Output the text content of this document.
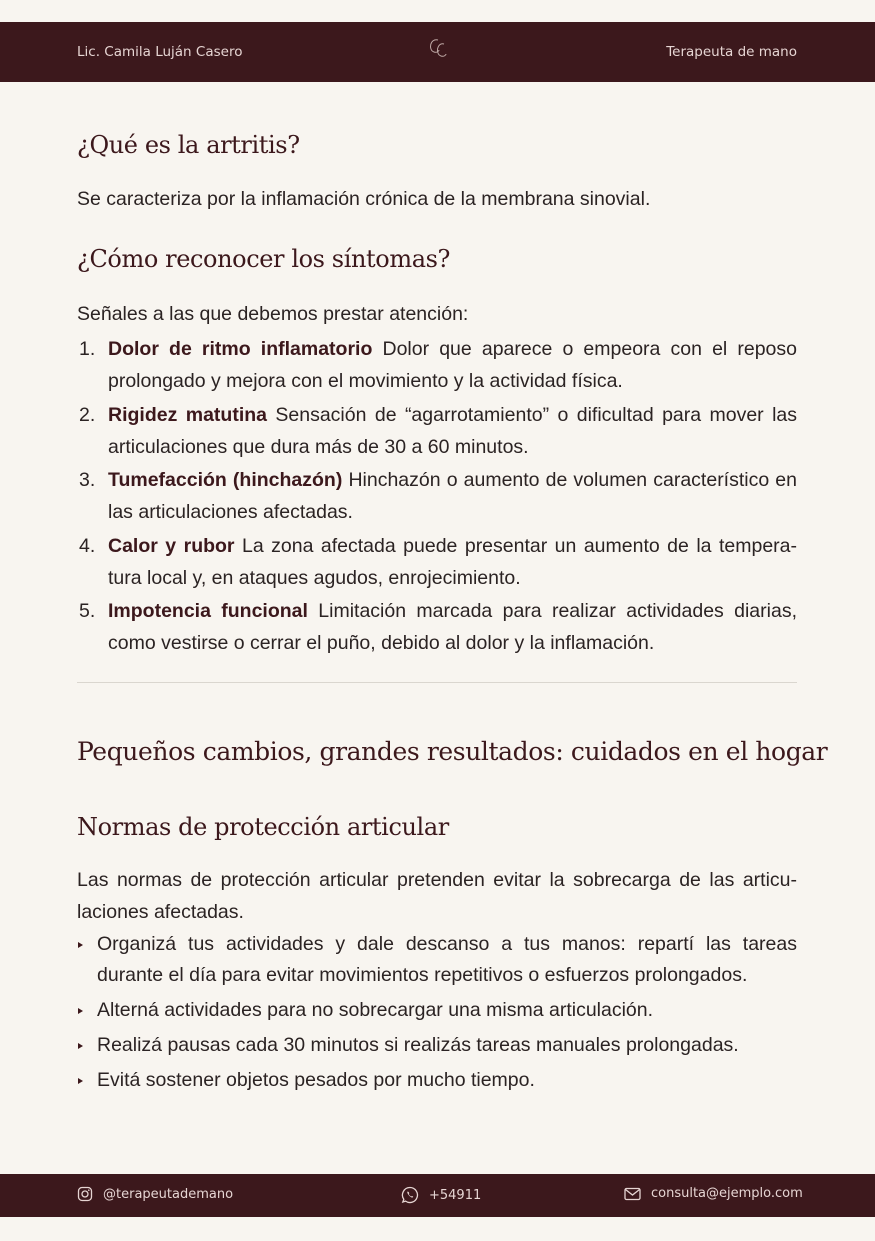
Lic. Camila Luján Casero	Terapeuta de mano
¿Qué es la artritis?

Se caracteriza por la inflamación crónica de la membrana sinovial.

¿Cómo reconocer los síntomas?

Señales a las que debemos prestar atención:

1. Dolor de ritmo inflamatorio Dolor que aparece o empeora con el reposo prolongado y mejora con el movimiento y la actividad física.
2. Rigidez matutina Sensación de “agarrotamiento” o dificultad para mover las articulaciones que dura más de 30 a 60 minutos.
3. Tumefacción (hinchazón) Hinchazón o aumento de volumen característico en las articulaciones afectadas.
4. Calor y rubor La zona afectada puede presentar un aumento de la tempera-tura local y, en ataques agudos, enrojecimiento.
5. Impotencia funcional Limitación marcada para realizar actividades diarias, como vestirse o cerrar el puño, debido al dolor y la inflamación.
Pequeños cambios, grandes resultados: cuidados en el hogar
Normas de protección articular

Las normas de protección articular pretenden evitar la sobrecarga de las articu-laciones afectadas.

Organizá tus actividades y dale descanso a tus manos: repartí las tareas durante el día para evitar movimientos repetitivos o esfuerzos prolongados.
Alterná actividades para no sobrecargar una misma articulación.
Realizá pausas cada 30 minutos si realizás tareas manuales prolongadas.
Evitá sostener objetos pesados por mucho tiempo.
@terapeutademano	+54911	consulta@ejemplo.com
